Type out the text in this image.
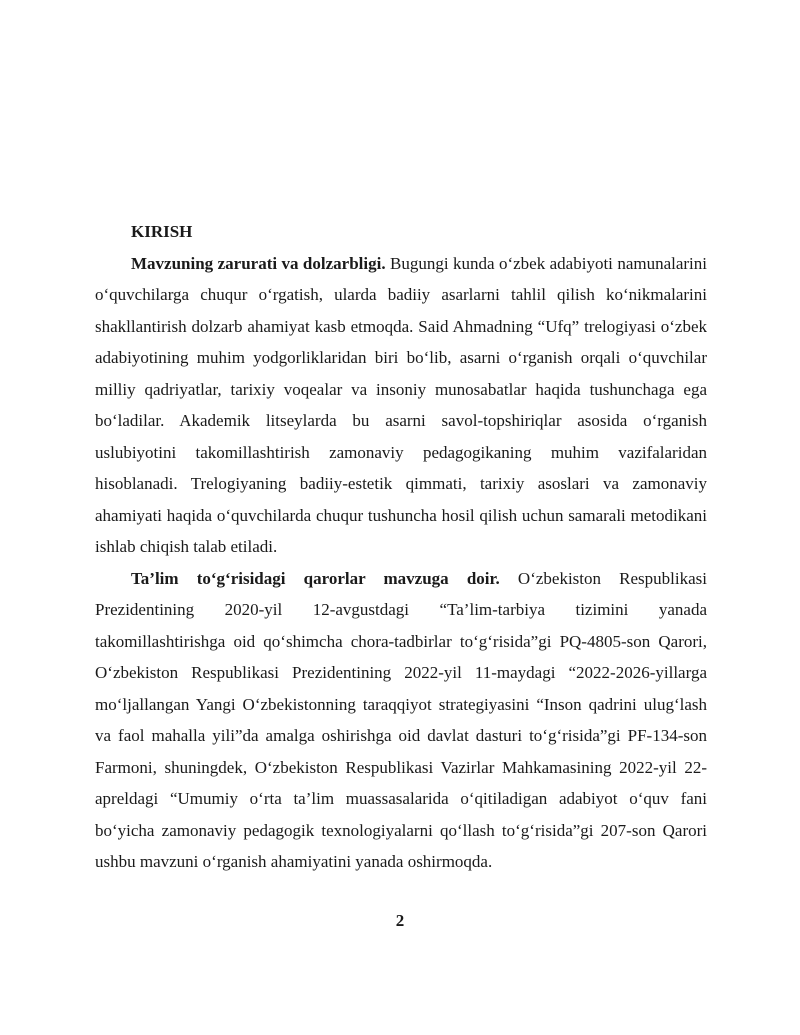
KIRISH

Mavzuning zarurati va dolzarbligi. Bugungi kunda o‘zbek adabiyoti namunalarini o‘quvchilarga chuqur o‘rgatish, ularda badiiy asarlarni tahlil qilish ko‘nikmalarini shakllantirish dolzarb ahamiyat kasb etmoqda. Said Ahmadning “Ufq” trelogiyasi o‘zbek adabiyotining muhim yodgorliklaridan biri bo‘lib, asarni o‘rganish orqali o‘quvchilar milliy qadriyatlar, tarixiy voqealar va insoniy munosabatlar haqida tushunchaga ega bo‘ladilar. Akademik litseylarda bu asarni savol-topshiriqlar asosida o‘rganish uslubiyotini takomillashtirish zamonaviy pedagogikaning muhim vazifalaridan hisoblanadi. Trelogiyaning badiiy-estetik qimmati, tarixiy asoslari va zamonaviy ahamiyati haqida o‘quvchilarda chuqur tushuncha hosil qilish uchun samarali metodikani ishlab chiqish talab etiladi.

Ta’lim to‘g‘risidagi qarorlar mavzuga doir. O‘zbekiston Respublikasi Prezidentining 2020-yil 12-avgustdagi “Ta’lim-tarbiya tizimini yanada takomillashtirishga oid qo‘shimcha chora-tadbirlar to‘g‘risida”gi PQ-4805-son Qarori, O‘zbekiston Respublikasi Prezidentining 2022-yil 11-maydagi “2022-2026-yillarga mo‘ljallangan Yangi O‘zbekistonning taraqqiyot strategiyasini “Inson qadrini ulug‘lash va faol mahalla yili”da amalga oshirishga oid davlat dasturi to‘g‘risida”gi PF-134-son Farmoni, shuningdek, O‘zbekiston Respublikasi Vazirlar Mahkamasining 2022-yil 22-apreldagi “Umumiy o‘rta ta’lim muassasalarida o‘qitiladigan adabiyot o‘quv fani bo‘yicha zamonaviy pedagogik texnologiyalarni qo‘llash to‘g‘risida”gi 207-son Qarori ushbu mavzuni o‘rganish ahamiyatini yanada oshirmoqda.

2
